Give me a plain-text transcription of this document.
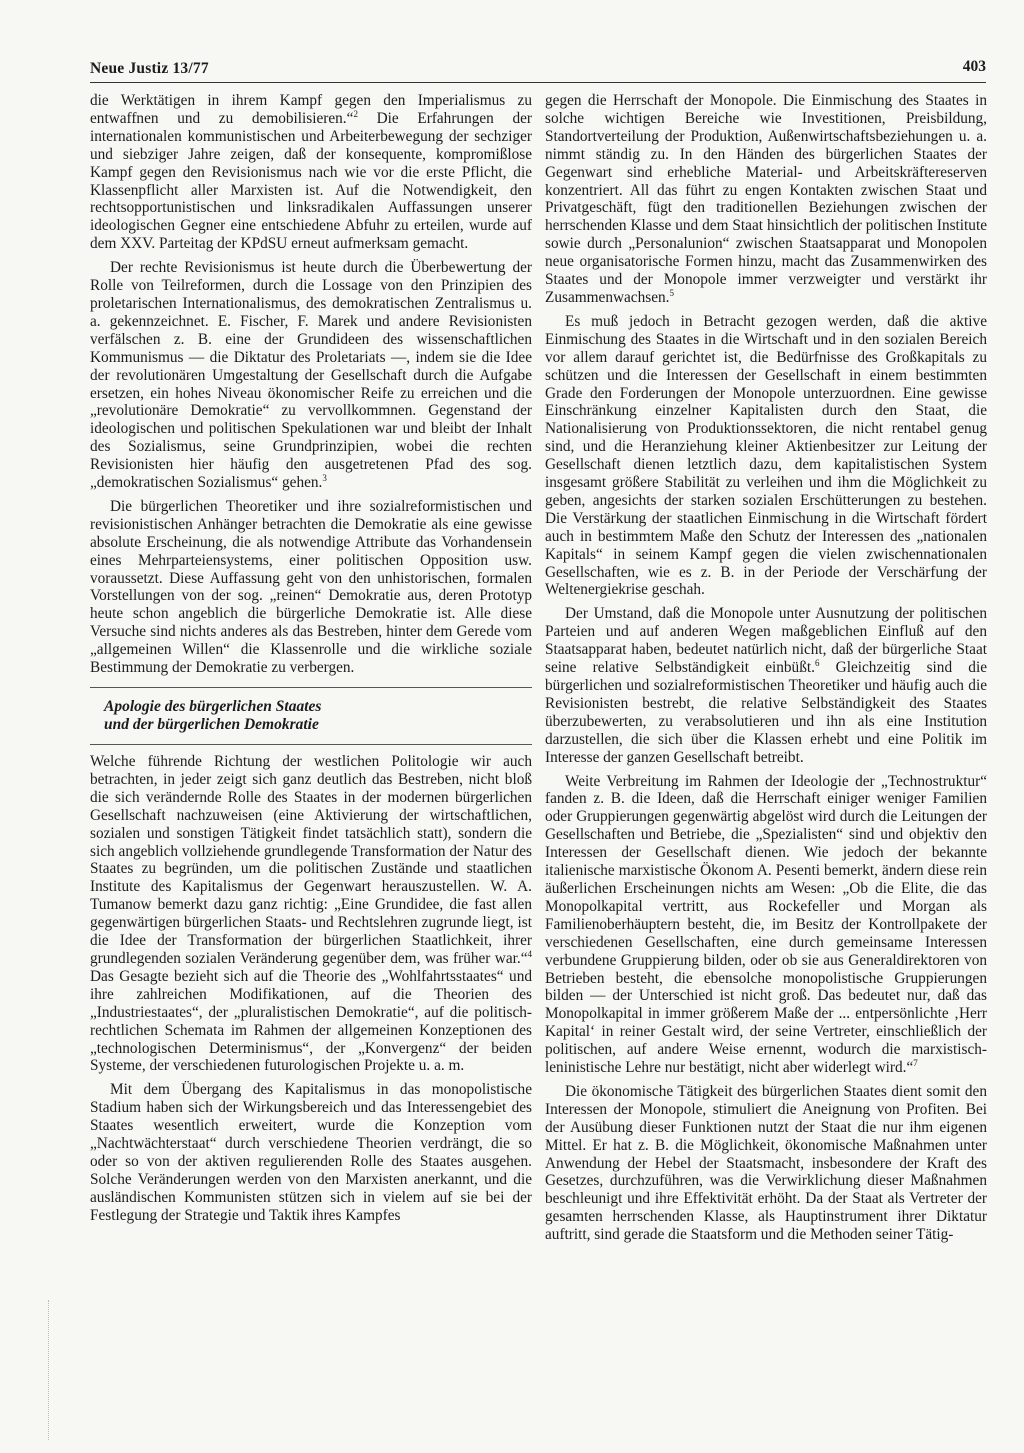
Neue Justiz 13/77	403

die Werktätigen in ihrem Kampf gegen den Imperialismus zu entwaffnen und zu demobilisieren.“$^2$ Die Erfahrungen der internationalen kommunistischen und Arbeiterbewegung der sechziger und siebziger Jahre zeigen, daß der konsequente, kompromißlose Kampf gegen den Revisionismus nach wie vor die erste Pflicht, die Klassenpflicht aller Marxisten ist. Auf die Notwendigkeit, den rechtsopportunistischen und linksradikalen Auffassungen unserer ideologischen Gegner eine entschiedene Abfuhr zu erteilen, wurde auf dem XXV. Parteitag der KPdSU erneut aufmerksam gemacht.

Der rechte Revisionismus ist heute durch die Überbewertung der Rolle von Teilreformen, durch die Lossage von den Prinzipien des proletarischen Internationalismus, des demokratischen Zentralismus u. a. gekennzeichnet. E. Fischer, F. Marek und andere Revisionisten verfälschen z. B. eine der Grundideen des wissenschaftlichen Kommunismus — die Diktatur des Proletariats —, indem sie die Idee der revolutionären Umgestaltung der Gesellschaft durch die Aufgabe ersetzen, ein hohes Niveau ökonomischer Reife zu erreichen und die „revolutionäre Demokratie“ zu vervollkommnen. Gegenstand der ideologischen und politischen Spekulationen war und bleibt der Inhalt des Sozialismus, seine Grundprinzipien, wobei die rechten Revisionisten hier häufig den ausgetretenen Pfad des sog. „demokratischen Sozialismus“ gehen.$^3$

Die bürgerlichen Theoretiker und ihre sozialreformistischen und revisionistischen Anhänger betrachten die Demokratie als eine gewisse absolute Erscheinung, die als notwendige Attribute das Vorhandensein eines Mehrparteiensystems, einer politischen Opposition usw. voraussetzt. Diese Auffassung geht von den unhistorischen, formalen Vorstellungen von der sog. „reinen“ Demokratie aus, deren Prototyp heute schon angeblich die bürgerliche Demokratie ist. Alle diese Versuche sind nichts anderes als das Bestreben, hinter dem Gerede vom „allgemeinen Willen“ die Klassenrolle und die wirkliche soziale Bestimmung der Demokratie zu verbergen.

Apologie des bürgerlichen Staates
und der bürgerlichen Demokratie

Welche führende Richtung der westlichen Politologie wir auch betrachten, in jeder zeigt sich ganz deutlich das Bestreben, nicht bloß die sich verändernde Rolle des Staates in der modernen bürgerlichen Gesellschaft nachzuweisen (eine Aktivierung der wirtschaftlichen, sozialen und sonstigen Tätigkeit findet tatsächlich statt), sondern die sich angeblich vollziehende grundlegende Transformation der Natur des Staates zu begründen, um die politischen Zustände und staatlichen Institute des Kapitalismus der Gegenwart herauszustellen. W. A. Tumanow bemerkt dazu ganz richtig: „Eine Grundidee, die fast allen gegenwärtigen bürgerlichen Staats- und Rechtslehren zugrunde liegt, ist die Idee der Transformation der bürgerlichen Staatlichkeit, ihrer grundlegenden sozialen Veränderung gegenüber dem, was früher war.“$^4$ Das Gesagte bezieht sich auf die Theorie des „Wohlfahrtsstaates“ und ihre zahlreichen Modifikationen, auf die Theorien des „Industriestaates“, der „pluralistischen Demokratie“, auf die politisch-rechtlichen Schemata im Rahmen der allgemeinen Konzeptionen des „technologischen Determinismus“, der „Konvergenz“ der beiden Systeme, der verschiedenen futurologischen Projekte u. a. m.

Mit dem Übergang des Kapitalismus in das monopolistische Stadium haben sich der Wirkungsbereich und das Interessengebiet des Staates wesentlich erweitert, wurde die Konzeption vom „Nachtwächterstaat“ durch verschiedene Theorien verdrängt, die so oder so von der aktiven regulierenden Rolle des Staates ausgehen. Solche Veränderungen werden von den Marxisten anerkannt, und die ausländischen Kommunisten stützen sich in vielem auf sie bei der Festlegung der Strategie und Taktik ihres Kampfes

gegen die Herrschaft der Monopole. Die Einmischung des Staates in solche wichtigen Bereiche wie Investitionen, Preisbildung, Standortverteilung der Produktion, Außenwirtschaftsbeziehungen u. a. nimmt ständig zu. In den Händen des bürgerlichen Staates der Gegenwart sind erhebliche Material- und Arbeitskräftereserven konzentriert. All das führt zu engen Kontakten zwischen Staat und Privatgeschäft, fügt den traditionellen Beziehungen zwischen der herrschenden Klasse und dem Staat hinsichtlich der politischen Institute sowie durch „Personalunion“ zwischen Staatsapparat und Monopolen neue organisatorische Formen hinzu, macht das Zusammenwirken des Staates und der Monopole immer verzweigter und verstärkt ihr Zusammenwachsen.$^5$

Es muß jedoch in Betracht gezogen werden, daß die aktive Einmischung des Staates in die Wirtschaft und in den sozialen Bereich vor allem darauf gerichtet ist, die Bedürfnisse des Großkapitals zu schützen und die Interessen der Gesellschaft in einem bestimmten Grade den Forderungen der Monopole unterzuordnen. Eine gewisse Einschränkung einzelner Kapitalisten durch den Staat, die Nationalisierung von Produktionssektoren, die nicht rentabel genug sind, und die Heranziehung kleiner Aktienbesitzer zur Leitung der Gesellschaft dienen letztlich dazu, dem kapitalistischen System insgesamt größere Stabilität zu verleihen und ihm die Möglichkeit zu geben, angesichts der starken sozialen Erschütterungen zu bestehen. Die Verstärkung der staatlichen Einmischung in die Wirtschaft fördert auch in bestimmtem Maße den Schutz der Interessen des „nationalen Kapitals“ in seinem Kampf gegen die vielen zwischennationalen Gesellschaften, wie es z. B. in der Periode der Verschärfung der Weltenergiekrise geschah.

Der Umstand, daß die Monopole unter Ausnutzung der politischen Parteien und auf anderen Wegen maßgeblichen Einfluß auf den Staatsapparat haben, bedeutet natürlich nicht, daß der bürgerliche Staat seine relative Selbständigkeit einbüßt.$^6$ Gleichzeitig sind die bürgerlichen und sozialreformistischen Theoretiker und häufig auch die Revisionisten bestrebt, die relative Selbständigkeit des Staates überzubewerten, zu verabsolutieren und ihn als eine Institution darzustellen, die sich über die Klassen erhebt und eine Politik im Interesse der ganzen Gesellschaft betreibt.

Weite Verbreitung im Rahmen der Ideologie der „Technostruktur“ fanden z. B. die Ideen, daß die Herrschaft einiger weniger Familien oder Gruppierungen gegenwärtig abgelöst wird durch die Leitungen der Gesellschaften und Betriebe, die „Spezialisten“ sind und objektiv den Interessen der Gesellschaft dienen. Wie jedoch der bekannte italienische marxistische Ökonom A. Pesenti bemerkt, ändern diese rein äußerlichen Erscheinungen nichts am Wesen: „Ob die Elite, die das Monopolkapital vertritt, aus Rockefeller und Morgan als Familienoberhäuptern besteht, die, im Besitz der Kontrollpakete der verschiedenen Gesellschaften, eine durch gemeinsame Interessen verbundene Gruppierung bilden, oder ob sie aus Generaldirektoren von Betrieben besteht, die ebensolche monopolistische Gruppierungen bilden — der Unterschied ist nicht groß. Das bedeutet nur, daß das Monopolkapital in immer größerem Maße der ... entpersönlichte ‚Herr Kapital‘ in reiner Gestalt wird, der seine Vertreter, einschließlich der politischen, auf andere Weise ernennt, wodurch die marxistisch-leninistische Lehre nur bestätigt, nicht aber widerlegt wird.“$^7$

Die ökonomische Tätigkeit des bürgerlichen Staates dient somit den Interessen der Monopole, stimuliert die Aneignung von Profiten. Bei der Ausübung dieser Funktionen nutzt der Staat die nur ihm eigenen Mittel. Er hat z. B. die Möglichkeit, ökonomische Maßnahmen unter Anwendung der Hebel der Staatsmacht, insbesondere der Kraft des Gesetzes, durchzuführen, was die Verwirklichung dieser Maßnahmen beschleunigt und ihre Effektivität erhöht. Da der Staat als Vertreter der gesamten herrschenden Klasse, als Hauptinstrument ihrer Diktatur auftritt, sind gerade die Staatsform und die Methoden seiner Tätig-
